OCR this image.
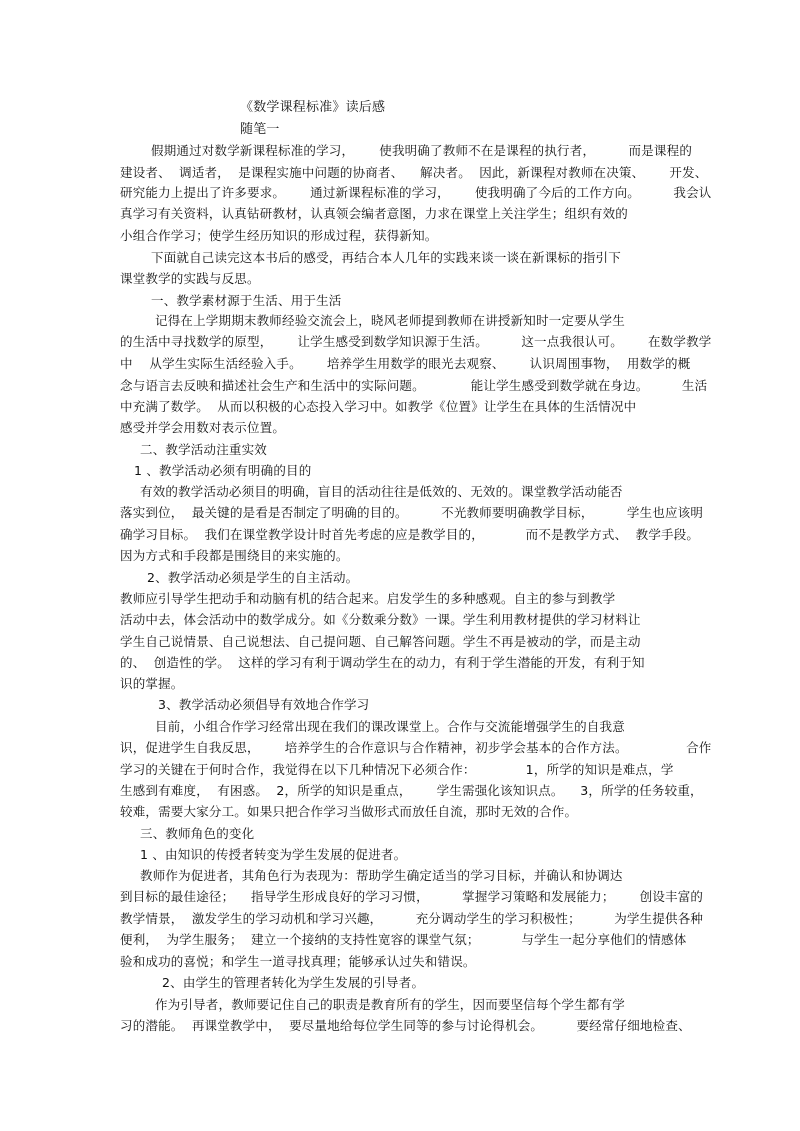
《数学课程标准》读后感
随笔一
假期通过对数学新课程标准的学习，      使我明确了教师不在是课程的执行者，        而是课程的
建设者、  调适者，  是课程实施中问题的协商者、    解决者。  因此，新课程对教师在决策、      开发、
研究能力上提出了许多要求。      通过新课程标准的学习，      使我明确了今后的工作方向。        我会认
真学习有关资料，认真钻研教材，认真领会编者意图，力求在课堂上关注学生；组织有效的
小组合作学习；使学生经历知识的形成过程，获得新知。
下面就自己读完这本书后的感受，再结合本人几年的实践来谈一谈在新课标的指引下
课堂教学的实践与反思。
一、教学素材源于生活、用于生活
记得在上学期期末教师经验交流会上，晓风老师提到教师在讲授新知时一定要从学生
的生活中寻找数学的原型，      让学生感受到数学知识源于生活。        这一点我很认可。      在数学教学
中    从学生实际生活经验入手。      培养学生用数学的眼光去观察、      认识周围事物，  用数学的概
念与语言去反映和描述社会生产和生活中的实际问题。           能让学生感受到数学就在身边。        生活
中充满了数学。  从而以积极的心态投入学习中。如教学《位置》让学生在具体的生活情况中
感受并学会用数对表示位置。
二、教学活动注重实效
1 、教学活动必须有明确的目的
有效的教学活动必须目的明确，盲目的活动往往是低效的、无效的。课堂教学活动能否
落实到位，  最关键的是看是否制定了明确的目的。        不光教师要明确教学目标，        学生也应该明
确学习目标。  我们在课堂教学设计时首先考虑的应是教学目的，          而不是教学方式、  教学手段。
因为方式和手段都是围绕目的来实施的。
2、教学活动必须是学生的自主活动。
教师应引导学生把动手和动脑有机的结合起来。启发学生的多种感观。自主的参与到教学
活动中去，体会活动中的数学成分。如《分数乘分数》一课。学生利用教材提供的学习材料让
学生自己说情景、自己说想法、自己提问题、自己解答问题。学生不再是被动的学，而是主动
的、  创造性的学。  这样的学习有利于调动学生在的动力，有利于学生潜能的开发，有利于知
识的掌握。
3、教学活动必须倡导有效地合作学习
目前，小组合作学习经常出现在我们的课改课堂上。合作与交流能增强学生的自我意
识，促进学生自我反思，      培养学生的合作意识与合作精神，初步学会基本的合作方法。              合作
学习的关键在于何时合作，我觉得在以下几种情况下必须合作：            1，所学的知识是难点，学
生感到有难度，  有困惑。  2，所学的知识是重点，      学生需强化该知识点。    3，所学的任务较重，
较难，需要大家分工。如果只把合作学习当做形式而放任自流，那时无效的合作。
三、教师角色的变化
1 、由知识的传授者转变为学生发展的促进者。
教师作为促进者，其角色行为表现为：帮助学生确定适当的学习目标，并确认和协调达
到目标的最佳途径；    指导学生形成良好的学习习惯，        掌握学习策略和发展能力；      创设丰富的
教学情景，  激发学生的学习动机和学习兴趣，        充分调动学生的学习积极性；        为学生提供各种
便利，  为学生服务；  建立一个接纳的支持性宽容的课堂气氛；          与学生一起分享他们的情感体
验和成功的喜悦；和学生一道寻找真理；能够承认过失和错误。
2、由学生的管理者转化为学生发展的引导者。
作为引导者，教师要记住自己的职责是教育所有的学生，因而要坚信每个学生都有学
习的潜能。  再课堂教学中，  要尽量地给每位学生同等的参与讨论得机会。        要经常仔细地检查、
